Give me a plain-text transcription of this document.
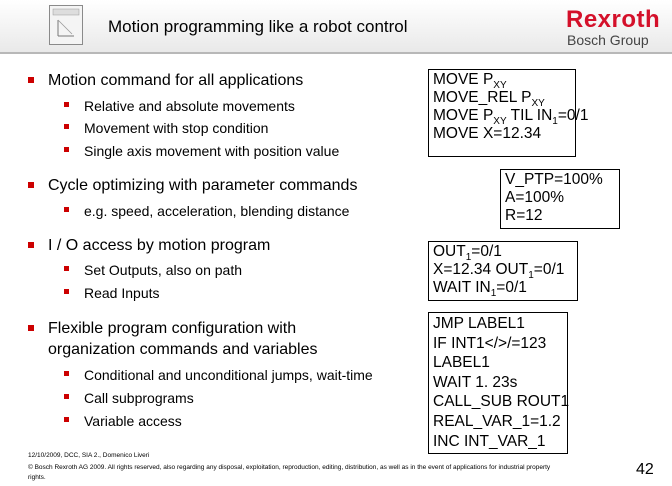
Motion programming like a robot control	Rexroth
Bosch Group
Motion command for all applications
Relative and absolute movements
Movement with stop condition
Single axis movement with position value
Cycle optimizing with parameter commands
e.g. speed, acceleration, blending distance
I / O access by motion program
Set Outputs, also on path
Read Inputs
Flexible program configuration with
organization commands and variables
Conditional and unconditional jumps, wait-time
Call subprograms
Variable access
MOVE $P_{XY}$
MOVE_REL $P_{XY}$
MOVE $P_{XY}$ TIL $IN_1=0/1$
MOVE X=12.34
V_PTP=100%
A=100%
R=12
$OUT_1=0/1$
X=12.34 $OUT_1=0/1$
WAIT $IN_1=0/1$
JMP LABEL1
IF INT1</>/=123
LABEL1
WAIT 1. 23s
CALL_SUB ROUT1
REAL_VAR_1=1.2
INC INT_VAR_1
12/10/2009, DCC, SIA 2., Domenico Liveri
© Bosch Rexroth AG 2009. All rights reserved, also regarding any disposal, exploitation, reproduction, editing, distribution, as well as in the event of applications for industrial property
rights.	42
